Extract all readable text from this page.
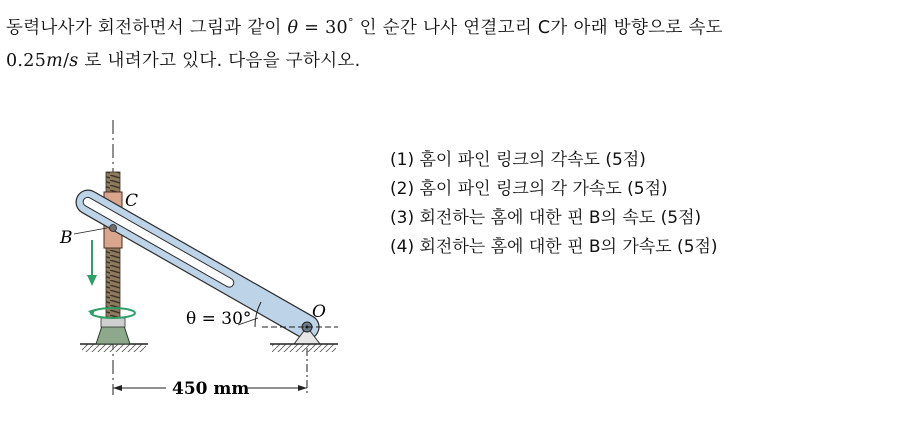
동력나사가 회전하면서 그림과 같이 θ = 30° 인 순간 나사 연결고리 C가 아래 방향으로 속도
0.25m/s 로 내려가고 있다. 다음을 구하시오.
(1) 홈이 파인 링크의 각속도 (5점)
(2) 홈이 파인 링크의 각 가속도 (5점)
(3) 회전하는 홈에 대한 핀 B의 속도 (5점)
(4) 회전하는 홈에 대한 핀 B의 가속도 (5점)
C
B
O
θ = 30°
450 mm
